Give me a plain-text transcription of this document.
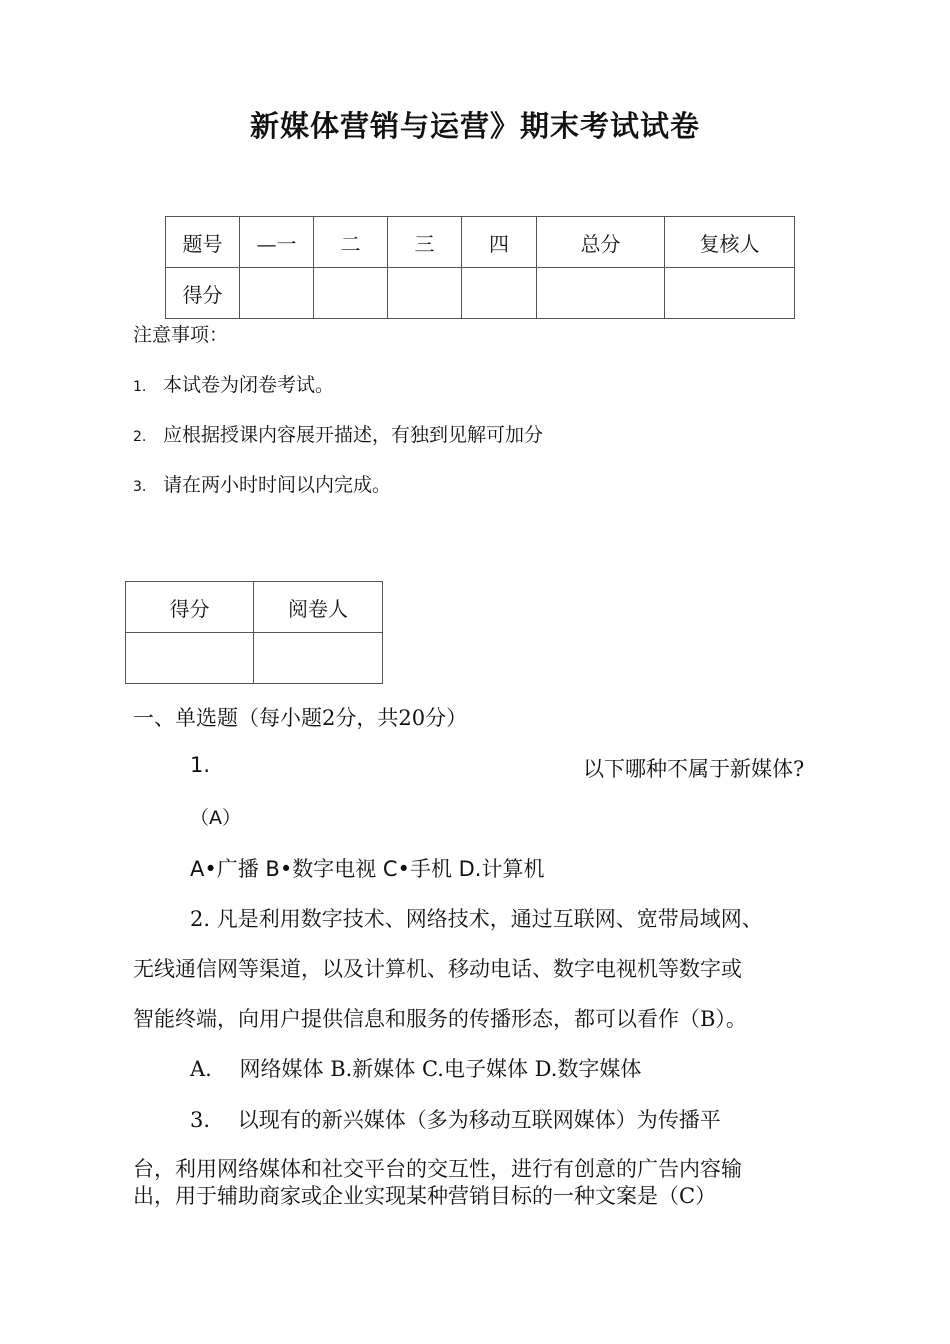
新媒体营销与运营》期末考试试卷
题号	—一	二	三	四	总分	复核人
得分						
注意事项：
1. 本试卷为闭卷考试。
2. 应根据授课内容展开描述，有独到见解可加分
3. 请在两小时时间以内完成。
得分	阅卷人

一、单选题（每小题2分，共20分）
1.	以下哪种不属于新媒体?
（A）
A•广播 B•数字电视 C•手机 D.计算机
2. 凡是利用数字技术、网络技术，通过互联网、宽带局域网、
无线通信网等渠道，以及计算机、移动电话、数字电视机等数字或
智能终端，向用户提供信息和服务的传播形态，都可以看作（B）。
A.　 网络媒体 B.新媒体 C.电子媒体 D.数字媒体
3.　 以现有的新兴媒体（多为移动互联网媒体）为传播平
台，利用网络媒体和社交平台的交互性，进行有创意的广告内容输
出，用于辅助商家或企业实现某种营销目标的一种文案是（C）
